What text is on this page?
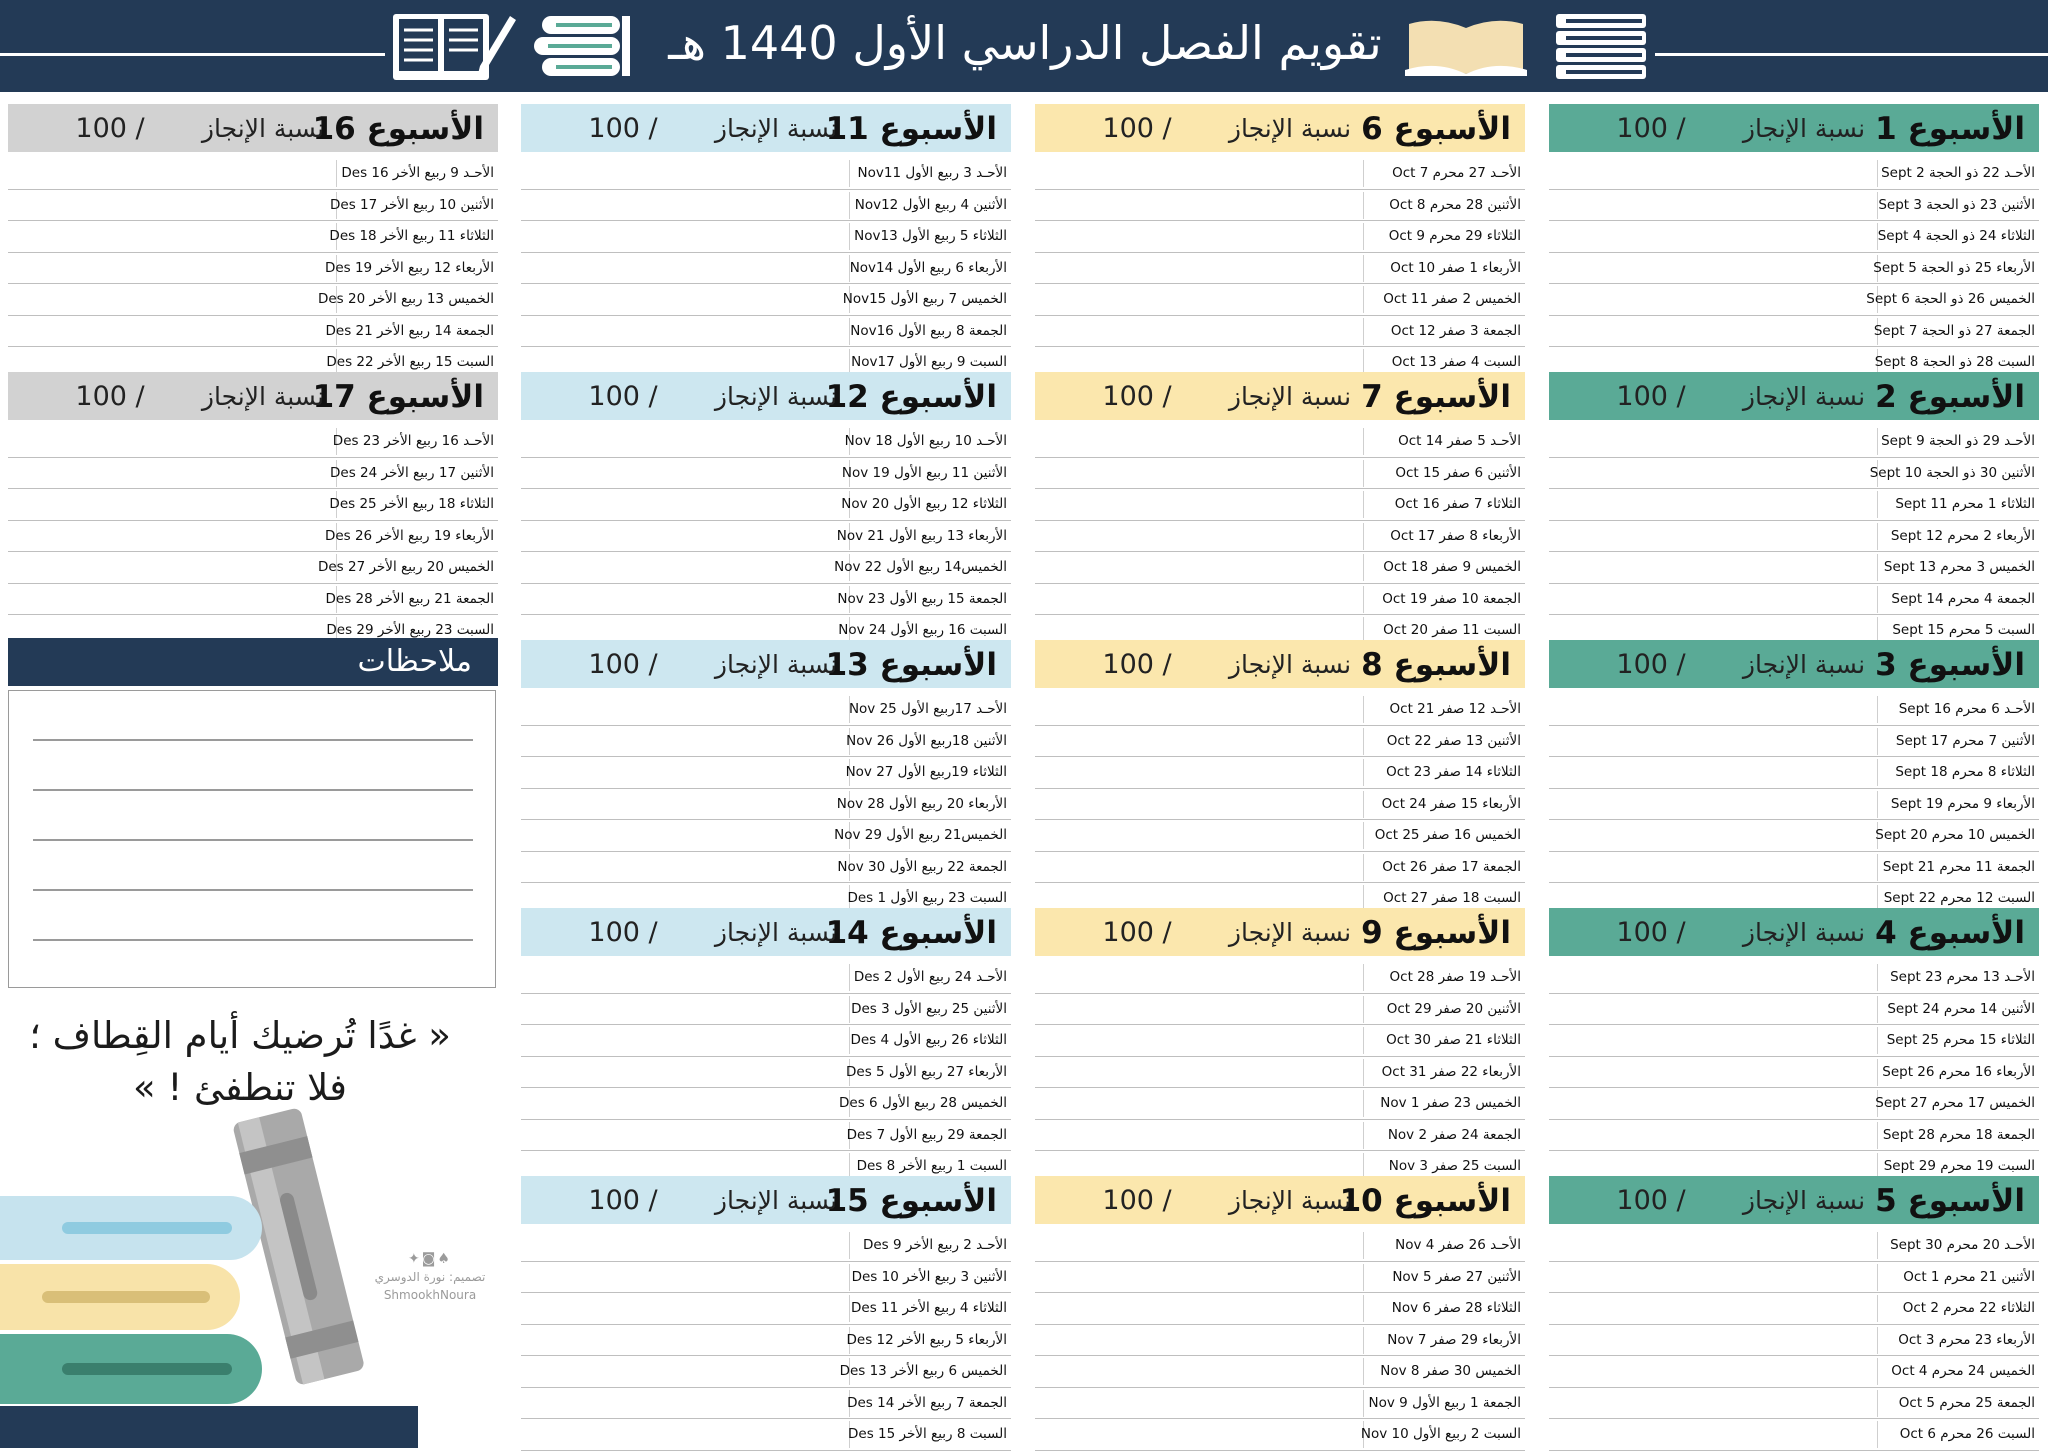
تقويم الفصل الدراسي الأول 1440 هـ
الأسبوع 1
نسبة الإنجاز
100 /
الأحـد 22 ذو الحجة Sept 2
الأثنين 23 ذو الحجة Sept 3
الثلاثاء 24 ذو الحجة Sept 4
الأربعاء 25 ذو الحجة Sept 5
الخميس 26 ذو الحجة Sept 6
الجمعة 27 ذو الحجة Sept 7
السبت 28 ذو الحجة Sept 8
الأسبوع 2
نسبة الإنجاز
100 /
الأحـد 29 ذو الحجة Sept 9
الأثنين 30 ذو الحجة Sept 10
الثلاثاء 1 محرم Sept 11
الأربعاء 2 محرم Sept 12
الخميس 3 محرم Sept 13
الجمعة 4 محرم Sept 14
السبت 5 محرم Sept 15
الأسبوع 3
نسبة الإنجاز
100 /
الأحـد 6 محرم Sept 16
الأثنين 7 محرم Sept 17
الثلاثاء 8 محرم Sept 18
الأربعاء 9 محرم Sept 19
الخميس 10 محرم Sept 20
الجمعة 11 محرم Sept 21
السبت 12 محرم Sept 22
الأسبوع 4
نسبة الإنجاز
100 /
الأحـد 13 محرم Sept 23
الأثنين 14 محرم Sept 24
الثلاثاء 15 محرم Sept 25
الأربعاء 16 محرم Sept 26
الخميس 17 محرم Sept 27
الجمعة 18 محرم Sept 28
السبت 19 محرم Sept 29
الأسبوع 5
نسبة الإنجاز
100 /
الأحـد 20 محرم Sept 30
الأثنين 21 محرم Oct 1
الثلاثاء 22 محرم Oct 2
الأربعاء 23 محرم Oct 3
الخميس 24 محرم Oct 4
الجمعة 25 محرم Oct 5
السبت 26 محرم Oct 6
الأسبوع 6
نسبة الإنجاز
100 /
الأحـد 27 محرم Oct 7
الأثنين 28 محرم Oct 8
الثلاثاء 29 محرم Oct 9
الأربعاء 1 صفر Oct 10
الخميس 2 صفر Oct 11
الجمعة 3 صفر Oct 12
السبت 4 صفر Oct 13
الأسبوع 7
نسبة الإنجاز
100 /
الأحـد 5 صفر Oct 14
الأثنين 6 صفر Oct 15
الثلاثاء 7 صفر Oct 16
الأربعاء 8 صفر Oct 17
الخميس 9 صفر Oct 18
الجمعة 10 صفر Oct 19
السبت 11 صفر Oct 20
الأسبوع 8
نسبة الإنجاز
100 /
الأحـد 12 صفر Oct 21
الأثنين 13 صفر Oct 22
الثلاثاء 14 صفر Oct 23
الأربعاء 15 صفر Oct 24
الخميس 16 صفر Oct 25
الجمعة 17 صفر Oct 26
السبت 18 صفر Oct 27
الأسبوع 9
نسبة الإنجاز
100 /
الأحـد 19 صفر Oct 28
الأثنين 20 صفر Oct 29
الثلاثاء 21 صفر Oct 30
الأربعاء 22 صفر Oct 31
الخميس 23 صفر Nov 1
الجمعة 24 صفر Nov 2
السبت 25 صفر Nov 3
الأسبوع 10
نسبة الإنجاز
100 /
الأحـد 26 صفر Nov 4
الأثنين 27 صفر Nov 5
الثلاثاء 28 صفر Nov 6
الأربعاء 29 صفر Nov 7
الخميس 30 صفر Nov 8
الجمعة 1 ربيع الأول Nov 9
السبت 2 ربيع الأول Nov 10
الأسبوع 11
نسبة الإنجاز
100 /
الأحـد 3 ربيع الأول Nov11
الأثنين 4 ربيع الأول Nov12
الثلاثاء 5 ربيع الأول Nov13
الأربعاء 6 ربيع الأول Nov14
الخميس 7 ربيع الأول Nov15
الجمعة 8 ربيع الأول Nov16
السبت 9 ربيع الأول Nov17
الأسبوع 12
نسبة الإنجاز
100 /
الأحـد 10 ربيع الأول Nov 18
الأثنين 11 ربيع الأول Nov 19
الثلاثاء 12 ربيع الأول Nov 20
الأربعاء 13 ربيع الأول Nov 21
الخميس14 ربيع الأول Nov 22
الجمعة 15 ربيع الأول Nov 23
السبت 16 ربيع الأول Nov 24
الأسبوع 13
نسبة الإنجاز
100 /
الأحـد 17ربيع الأول Nov 25
الأثنين 18ربيع الأول Nov 26
الثلاثاء 19ربيع الأول Nov 27
الأربعاء 20 ربيع الأول Nov 28
الخميس21 ربيع الأول Nov 29
الجمعة 22 ربيع الأول Nov 30
السبت 23 ربيع الأول Des 1
الأسبوع 14
نسبة الإنجاز
100 /
الأحـد 24 ربيع الأول Des 2
الأثنين 25 ربيع الأول Des 3
الثلاثاء 26 ربيع الأول Des 4
الأربعاء 27 ربيع الأول Des 5
الخميس 28 ربيع الأول Des 6
الجمعة 29 ربيع الأول Des 7
السبت 1 ربيع الأخر Des 8
الأسبوع 15
نسبة الإنجاز
100 /
الأحـد 2 ربيع الأخر Des 9
الأثنين 3 ربيع الأخر Des 10
الثلاثاء 4 ربيع الأخر Des 11
الأربعاء 5 ربيع الأخر Des 12
الخميس 6 ربيع الأخر Des 13
الجمعة 7 ربيع الأخر Des 14
السبت 8 ربيع الأخر Des 15
الأسبوع 16
نسبة الإنجاز
100 /
الأحـد 9 ربيع الأخر Des 16
الأثنين 10 ربيع الأخر Des 17
الثلاثاء 11 ربيع الأخر Des 18
الأربعاء 12 ربيع الأخر Des 19
الخميس 13 ربيع الأخر Des 20
الجمعة 14 ربيع الأخر Des 21
السبت 15 ربيع الأخر Des 22
الأسبوع 17
نسبة الإنجاز
100 /
الأحـد 16 ربيع الأخر Des 23
الأثنين 17 ربيع الأخر Des 24
الثلاثاء 18 ربيع الأخر Des 25
الأربعاء 19 ربيع الأخر Des 26
الخميس 20 ربيع الأخر Des 27
الجمعة 21 ربيع الأخر Des 28
السبت 23 ربيع الأخر Des 29
ملاحظات
« غدًا تُرضيك أيام القِطاف ؛
فلا تنطفئ ! »
✦◙♠
تصميم: نورة الدوسري
ShmookhNoura
